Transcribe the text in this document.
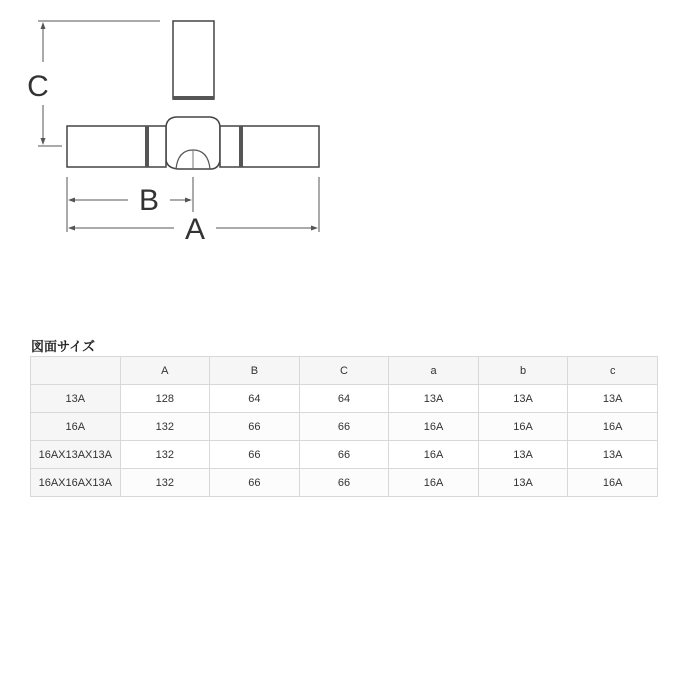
C
B
A
図面サイズ
	A	B	C	a	b	c
13A	128	64	64	13A	13A	13A
16A	132	66	66	16A	16A	16A
16AX13AX13A	132	66	66	16A	13A	13A
16AX16AX13A	132	66	66	16A	13A	16A
